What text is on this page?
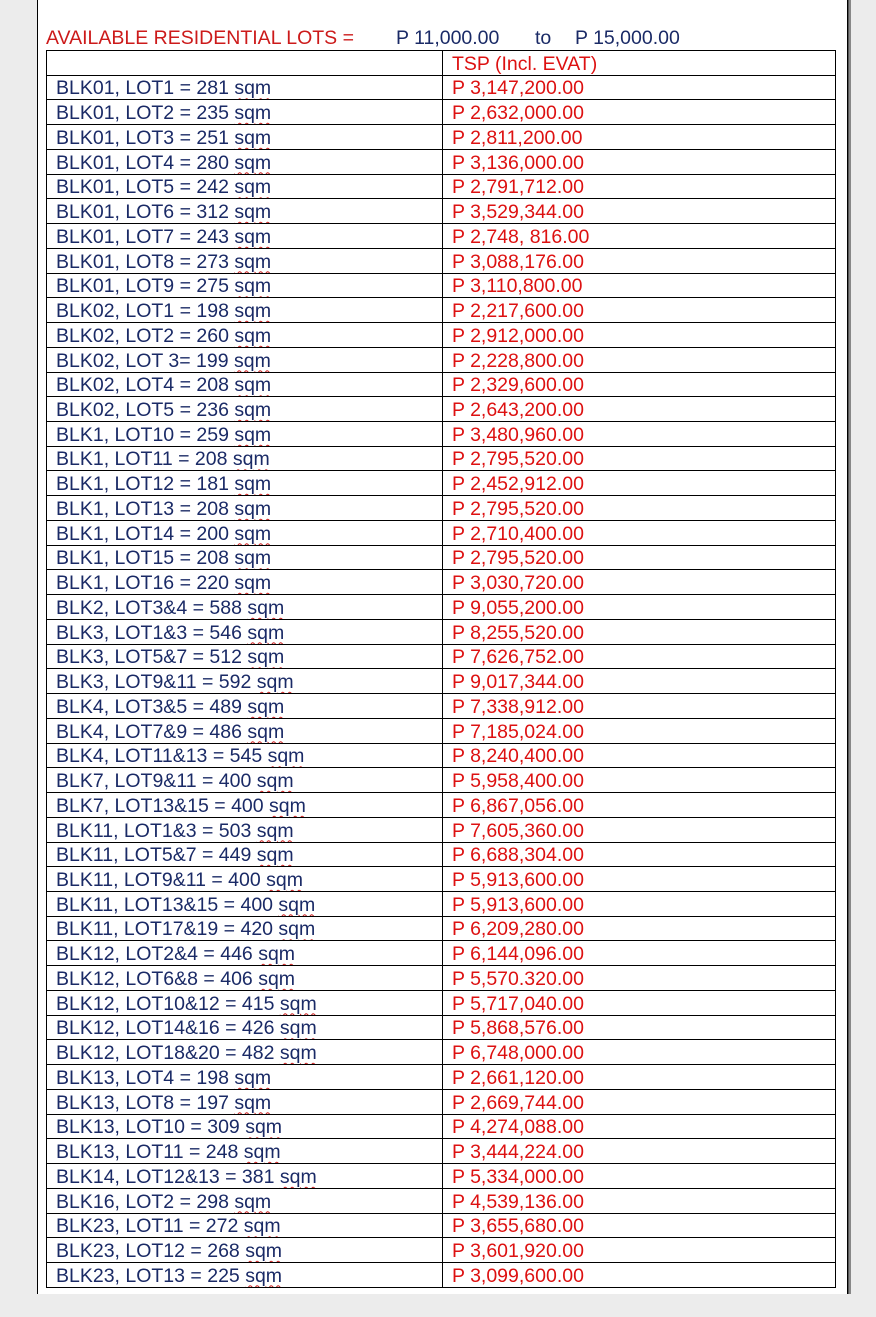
AVAILABLE RESIDENTIAL LOTS = P 11,000.00 to P 15,000.00
	TSP (Incl. EVAT)
BLK01, LOT1 = 281 sqm	P 3,147,200.00
BLK01, LOT2 = 235 sqm	P 2,632,000.00
BLK01, LOT3 = 251 sqm	P 2,811,200.00
BLK01, LOT4 = 280 sqm	P 3,136,000.00
BLK01, LOT5 = 242 sqm	P 2,791,712.00
BLK01, LOT6 = 312 sqm	P 3,529,344.00
BLK01, LOT7 = 243 sqm	P 2,748, 816.00
BLK01, LOT8 = 273 sqm	P 3,088,176.00
BLK01, LOT9 = 275 sqm	P 3,110,800.00
BLK02, LOT1 = 198 sqm	P 2,217,600.00
BLK02, LOT2 = 260 sqm	P 2,912,000.00
BLK02, LOT 3= 199 sqm	P 2,228,800.00
BLK02, LOT4 = 208 sqm	P 2,329,600.00
BLK02, LOT5 = 236 sqm	P 2,643,200.00
BLK1, LOT10 = 259 sqm	P 3,480,960.00
BLK1, LOT11 = 208 sqm	P 2,795,520.00
BLK1, LOT12 = 181 sqm	P 2,452,912.00
BLK1, LOT13 = 208 sqm	P 2,795,520.00
BLK1, LOT14 = 200 sqm	P 2,710,400.00
BLK1, LOT15 = 208 sqm	P 2,795,520.00
BLK1, LOT16 = 220 sqm	P 3,030,720.00
BLK2, LOT3&4 = 588 sqm	P 9,055,200.00
BLK3, LOT1&3 = 546 sqm	P 8,255,520.00
BLK3, LOT5&7 = 512 sqm	P 7,626,752.00
BLK3, LOT9&11 = 592 sqm	P 9,017,344.00
BLK4, LOT3&5 = 489 sqm	P 7,338,912.00
BLK4, LOT7&9 = 486 sqm	P 7,185,024.00
BLK4, LOT11&13 = 545 sqm	P 8,240,400.00
BLK7, LOT9&11 = 400 sqm	P 5,958,400.00
BLK7, LOT13&15 = 400 sqm	P 6,867,056.00
BLK11, LOT1&3 = 503 sqm	P 7,605,360.00
BLK11, LOT5&7 = 449 sqm	P 6,688,304.00
BLK11, LOT9&11 = 400 sqm	P 5,913,600.00
BLK11, LOT13&15 = 400 sqm	P 5,913,600.00
BLK11, LOT17&19 = 420 sqm	P 6,209,280.00
BLK12, LOT2&4 = 446 sqm	P 6,144,096.00
BLK12, LOT6&8 = 406 sqm	P 5,570.320.00
BLK12, LOT10&12 = 415 sqm	P 5,717,040.00
BLK12, LOT14&16 = 426 sqm	P 5,868,576.00
BLK12, LOT18&20 = 482 sqm	P 6,748,000.00
BLK13, LOT4 = 198 sqm	P 2,661,120.00
BLK13, LOT8 = 197 sqm	P 2,669,744.00
BLK13, LOT10 = 309 sqm	P 4,274,088.00
BLK13, LOT11 = 248 sqm	P 3,444,224.00
BLK14, LOT12&13 = 381 sqm	P 5,334,000.00
BLK16, LOT2 = 298 sqm	P 4,539,136.00
BLK23, LOT11 = 272 sqm	P 3,655,680.00
BLK23, LOT12 = 268 sqm	P 3,601,920.00
BLK23, LOT13 = 225 sqm	P 3,099,600.00
